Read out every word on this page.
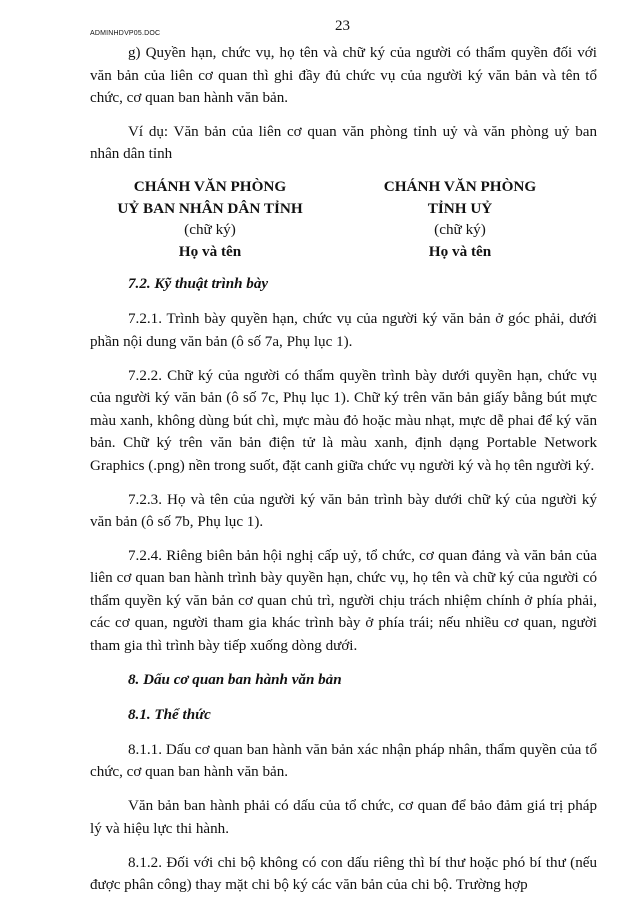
ADMINHDVP05.DOC	23

g) Quyền hạn, chức vụ, họ tên và chữ ký của người có thẩm quyền đối với văn bản của liên cơ quan thì ghi đầy đủ chức vụ của người ký văn bản và tên tổ chức, cơ quan ban hành văn bản.

Ví dụ: Văn bản của liên cơ quan văn phòng tỉnh uỷ và văn phòng uỷ ban nhân dân tỉnh

CHÁNH VĂN PHÒNG
UỶ BAN NHÂN DÂN TỈNH
(chữ ký)
Họ và tên
CHÁNH VĂN PHÒNG
TỈNH UỶ
(chữ ký)
Họ và tên
7.2. Kỹ thuật trình bày

7.2.1. Trình bày quyền hạn, chức vụ của người ký văn bản ở góc phải, dưới phần nội dung văn bản (ô số 7a, Phụ lục 1).

7.2.2. Chữ ký của người có thẩm quyền trình bày dưới quyền hạn, chức vụ của người ký văn bản (ô số 7c, Phụ lục 1). Chữ ký trên văn bản giấy bằng bút mực màu xanh, không dùng bút chì, mực màu đỏ hoặc màu nhạt, mực dễ phai để ký văn bản. Chữ ký trên văn bản điện tử là màu xanh, định dạng Portable Network Graphics (.png) nền trong suốt, đặt canh giữa chức vụ người ký và họ tên người ký.

7.2.3. Họ và tên của người ký văn bản trình bày dưới chữ ký của người ký văn bản (ô số 7b, Phụ lục 1).

7.2.4. Riêng biên bản hội nghị cấp uỷ, tổ chức, cơ quan đảng và văn bản của liên cơ quan ban hành trình bày quyền hạn, chức vụ, họ tên và chữ ký của người có thẩm quyền ký văn bản cơ quan chủ trì, người chịu trách nhiệm chính ở phía phải, các cơ quan, người tham gia khác trình bày ở phía trái; nếu nhiều cơ quan, người tham gia thì trình bày tiếp xuống dòng dưới.

8. Dấu cơ quan ban hành văn bản
8.1. Thể thức

8.1.1. Dấu cơ quan ban hành văn bản xác nhận pháp nhân, thẩm quyền của tổ chức, cơ quan ban hành văn bản.

Văn bản ban hành phải có dấu của tổ chức, cơ quan để bảo đảm giá trị pháp lý và hiệu lực thi hành.

8.1.2. Đối với chi bộ không có con dấu riêng thì bí thư hoặc phó bí thư (nếu được phân công) thay mặt chi bộ ký các văn bản của chi bộ. Trường hợp
